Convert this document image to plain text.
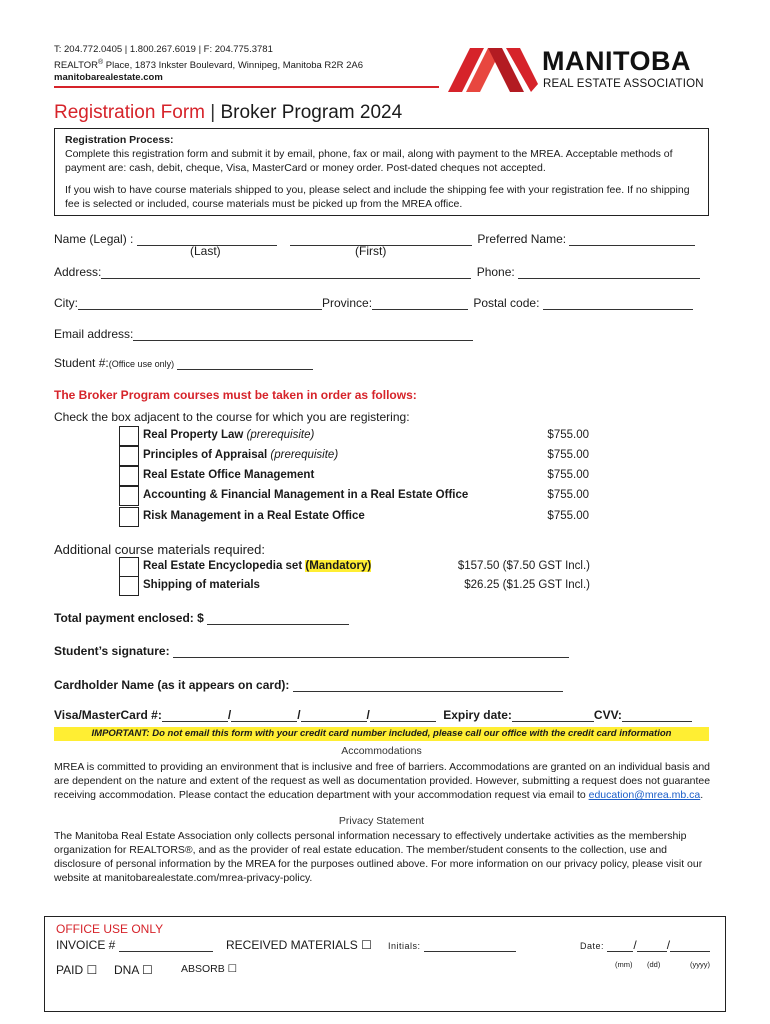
T: 204.772.0405 | 1.800.267.6019 | F: 204.775.3781
REALTOR® Place, 1873 Inkster Boulevard, Winnipeg, Manitoba R2R 2A6
manitobarealestate.com
MANITOBA
REAL ESTATE ASSOCIATION
Registration Form | Broker Program 2024

Registration Process:

Complete this registration form and submit it by email, phone, fax or mail, along with payment to the MREA. Acceptable methods of payment are: cash, debit, cheque, Visa, MasterCard or money order. Post-dated cheques not accepted.

If you wish to have course materials shipped to you, please select and include the shipping fee with your registration fee. If no shipping fee is selected or included, course materials must be picked up from the MREA office.

Name (Legal) :	Preferred Name:
(Last)	(First)
Address:	Phone:
City:	Province:	Postal code:
Email address:
Student #:(Office use only)
The Broker Program courses must be taken in order as follows:
Check the box adjacent to the course for which you are registering:
Real Property Law (prerequisite)	$755.00
Principles of Appraisal (prerequisite)	$755.00
Real Estate Office Management	$755.00
Accounting & Financial Management in a Real Estate Office	$755.00
Risk Management in a Real Estate Office	$755.00
Additional course materials required:
Real Estate Encyclopedia set (Mandatory)	$157.50 ($7.50 GST Incl.)
Shipping of materials	$26.25 ($1.25 GST Incl.)
Total payment enclosed: $
Student’s signature:
Cardholder Name (as it appears on card):
Visa/MasterCard #:	/	/	/	Expiry date:	CVV:
IMPORTANT: Do not email this form with your credit card number included, please call our office with the credit card information
Accommodations
MREA is committed to providing an environment that is inclusive and free of barriers. Accommodations are granted on an individual basis and are dependent on the nature and extent of the request as well as documentation provided. However, submitting a request does not guarantee receiving accommodation. Please contact the education department with your accommodation request via email to education@mrea.mb.ca.
Privacy Statement
The Manitoba Real Estate Association only collects personal information necessary to effectively undertake activities as the membership organization for REALTORS®, and as the provider of real estate education. The member/student consents to the collection, use and disclosure of personal information by the MREA for the purposes outlined above. For more information on our privacy policy, please visit our website at manitobarealestate.com/mrea-privacy-policy.
OFFICE USE ONLY
INVOICE #	RECEIVED MATERIALS ☐ Initials:	Date: /	/
(mm) (dd)	(yyyy)
PAID ☐ DNA ☐	ABSORB ☐
